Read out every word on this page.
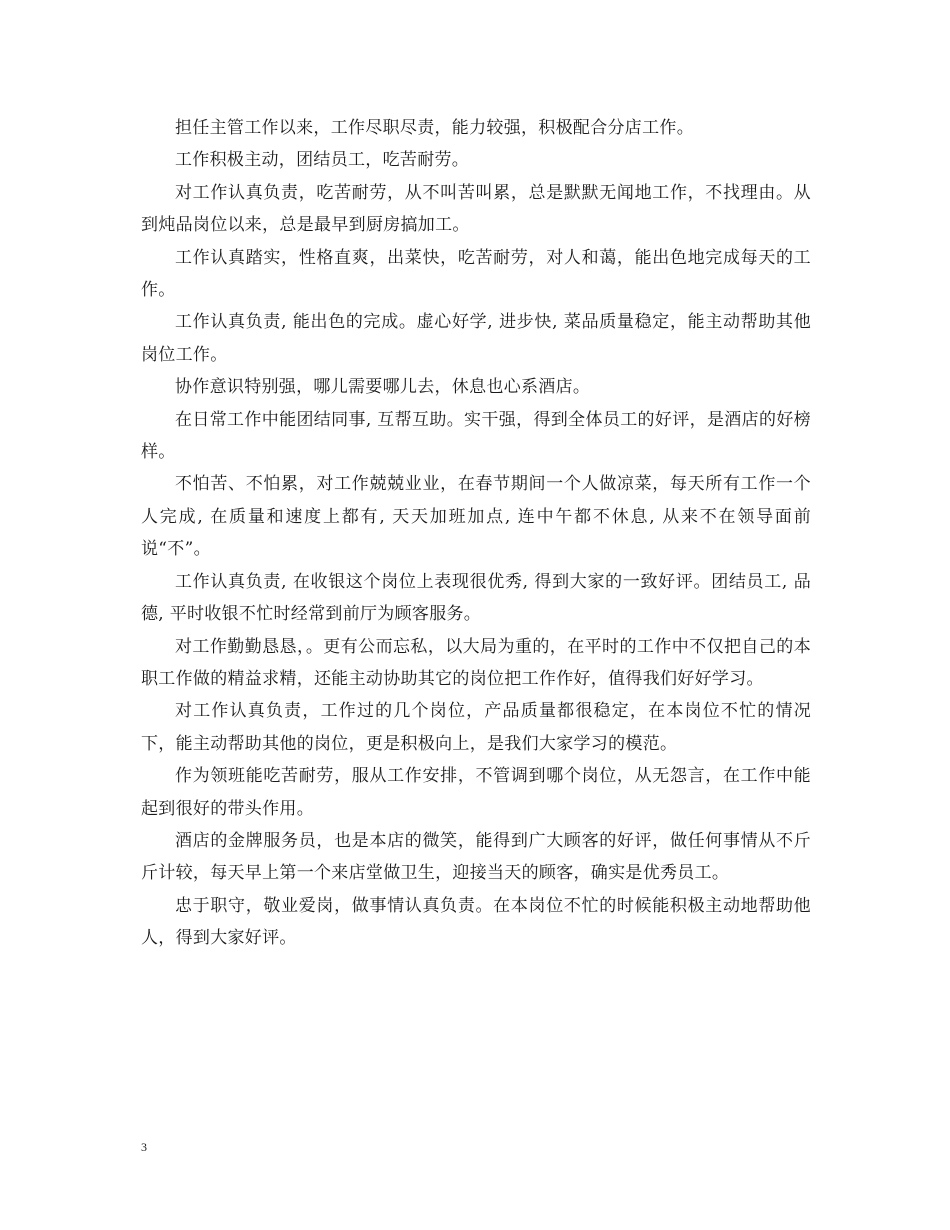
担任主管工作以来，工作尽职尽责，能力较强，积极配合分店工作。

工作积极主动，团结员工，吃苦耐劳。

对工作认真负责，吃苦耐劳，从不叫苦叫累，总是默默无闻地工作，不找理由。从到炖品岗位以来，总是最早到厨房搞加工。

工作认真踏实，性格直爽，出菜快，吃苦耐劳，对人和蔼，能出色地完成每天的工作。

工作认真负责, 能出色的完成。虚心好学, 进步快, 菜品质量稳定，能主动帮助其他岗位工作。

协作意识特别强，哪儿需要哪儿去，休息也心系酒店。

在日常工作中能团结同事, 互帮互助。实干强，得到全体员工的好评，是酒店的好榜样。

不怕苦、不怕累，对工作兢兢业业，在春节期间一个人做凉菜，每天所有工作一个人完成, 在质量和速度上都有, 天天加班加点, 连中午都不休息, 从来不在领导面前说“不”。

工作认真负责, 在收银这个岗位上表现很优秀, 得到大家的一致好评。团结员工, 品德, 平时收银不忙时经常到前厅为顾客服务。

对工作勤勤恳恳，。更有公而忘私，以大局为重的，在平时的工作中不仅把自己的本职工作做的精益求精，还能主动协助其它的岗位把工作作好，值得我们好好学习。

对工作认真负责，工作过的几个岗位，产品质量都很稳定，在本岗位不忙的情况下，能主动帮助其他的岗位，更是积极向上，是我们大家学习的模范。

作为领班能吃苦耐劳，服从工作安排，不管调到哪个岗位，从无怨言，在工作中能起到很好的带头作用。

酒店的金牌服务员，也是本店的微笑，能得到广大顾客的好评，做任何事情从不斤斤计较，每天早上第一个来店堂做卫生，迎接当天的顾客，确实是优秀员工。

忠于职守，敬业爱岗，做事情认真负责。在本岗位不忙的时候能积极主动地帮助他人，得到大家好评。

3
